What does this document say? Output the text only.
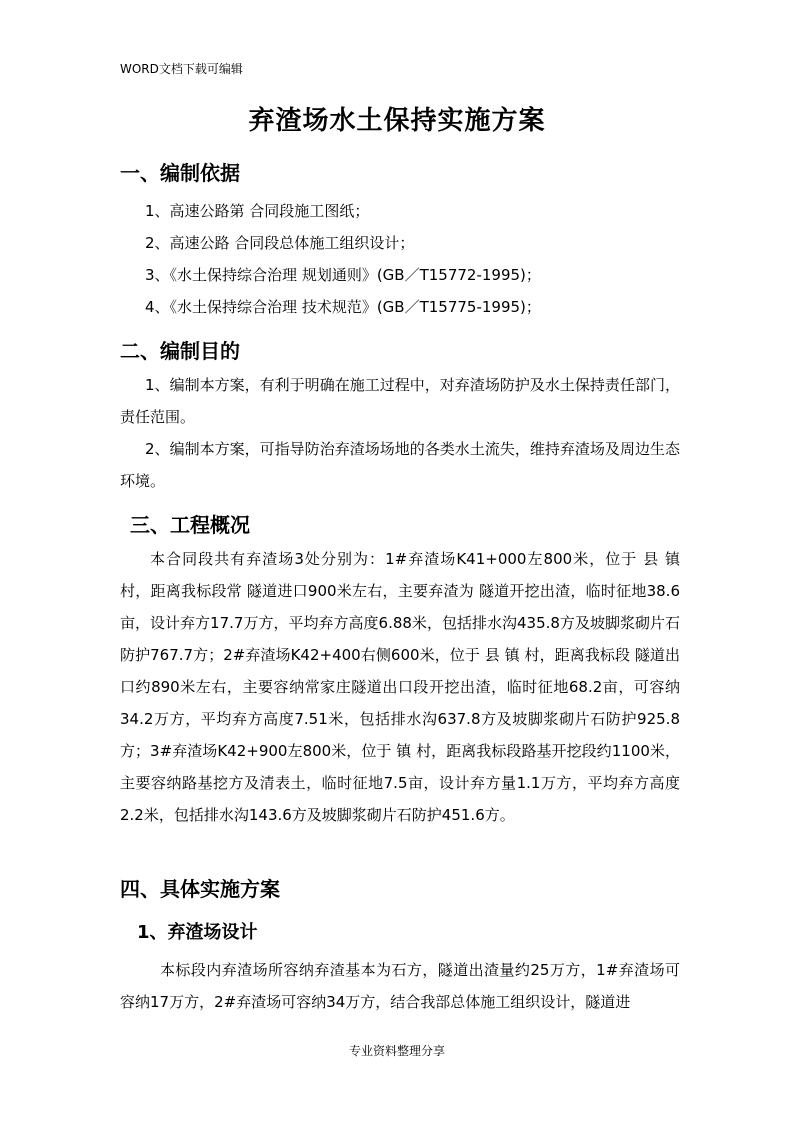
WORD文档下载可编辑
弃渣场水土保持实施方案
一、编制依据
1、高速公路第 合同段施工图纸；
2、高速公路 合同段总体施工组织设计；
3、《水土保持综合治理 规划通则》(GB／T15772-1995)；
4、《水土保持综合治理 技术规范》(GB／T15775-1995)；
二、编制目的
1、编制本方案，有利于明确在施工过程中，对弃渣场防护及水土保持责任部门，责任范围。
2、编制本方案，可指导防治弃渣场场地的各类水土流失，维持弃渣场及周边生态环境。
三、工程概况
本合同段共有弃渣场3处分别为：1#弃渣场K41+000左800米，位于 县 镇 村，距离我标段常 隧道进口900米左右，主要弃渣为 隧道开挖出渣，临时征地38.6亩，设计弃方17.7万方，平均弃方高度6.88米，包括排水沟435.8方及坡脚浆砌片石防护767.7方；2#弃渣场K42+400右侧600米，位于 县 镇 村，距离我标段 隧道出口约890米左右，主要容纳常家庄隧道出口段开挖出渣，临时征地68.2亩，可容纳34.2万方，平均弃方高度7.51米，包括排水沟637.8方及坡脚浆砌片石防护925.8方；3#弃渣场K42+900左800米，位于 镇 村，距离我标段路基开挖段约1100米，主要容纳路基挖方及清表土，临时征地7.5亩，设计弃方量1.1万方，平均弃方高度2.2米，包括排水沟143.6方及坡脚浆砌片石防护451.6方。
四、具体实施方案
1、弃渣场设计
本标段内弃渣场所容纳弃渣基本为石方，隧道出渣量约25万方，1#弃渣场可容纳17万方，2#弃渣场可容纳34万方，结合我部总体施工组织设计，隧道进
专业资料整理分享
